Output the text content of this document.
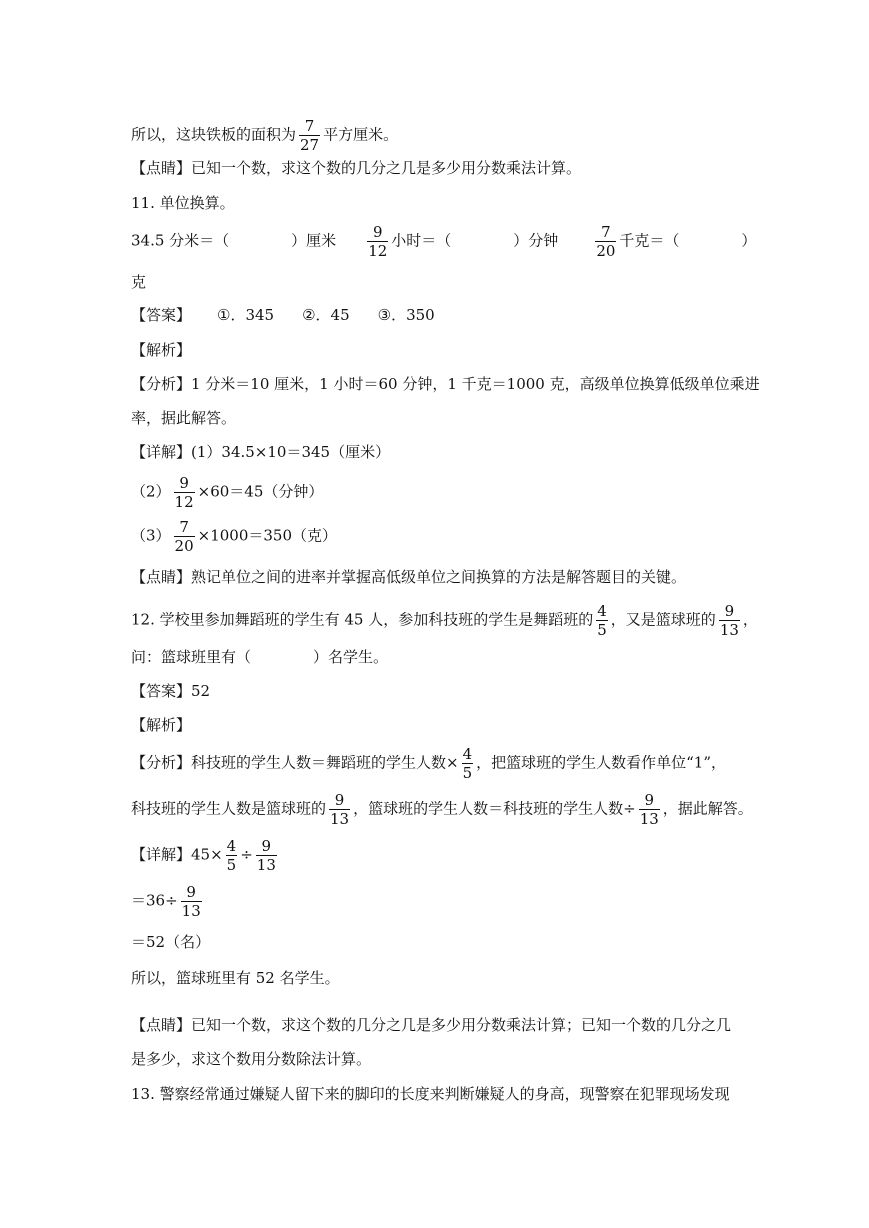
所以，这块铁板的面积为 $\frac{7}{27}$ 平方厘米。
【点睛】已知一个数，求这个数的几分之几是多少用分数乘法计算。
11. 单位换算。
34.5 分米＝（	）厘米 $\frac{9}{12}$ 小时＝（	）分钟 $\frac{7}{20}$ 千克＝（	）
克
【答案】 ①．345 ②．45 ③．350
【解析】
【分析】1 分米＝10 厘米，1 小时＝60 分钟，1 千克＝1000 克，高级单位换算低级单位乘进
率，据此解答。
【详解】(1）34.5×10＝345（厘米）
$(2) \frac{9}{12} \times 60=45$（分钟）
$(3) \frac{7}{20} \times 1000=350$（克）
【点睛】熟记单位之间的进率并掌握高低级单位之间换算的方法是解答题目的关键。
12. 学校里参加舞蹈班的学生有 45 人，参加科技班的学生是舞蹈班的 $\frac{4}{5}$ ，又是篮球班的 $\frac{9}{13}$ ，
问：篮球班里有（	）名学生。
【答案】52
【解析】
【分析】科技班的学生人数＝舞蹈班的学生人数× $\frac{4}{5}$ ，把篮球班的学生人数看作单位“1”，
科技班的学生人数是篮球班的 $\frac{9}{13}$ ，篮球班的学生人数＝科技班的学生人数÷ $\frac{9}{13}$ ，据此解答。
【详解】$45\times \frac{4}{5} \div \frac{9}{13}$
$=36\div \frac{9}{13}$
＝52（名）
所以，篮球班里有 52 名学生。
【点睛】已知一个数，求这个数的几分之几是多少用分数乘法计算；已知一个数的几分之几
是多少，求这个数用分数除法计算。
13. 警察经常通过嫌疑人留下来的脚印的长度来判断嫌疑人的身高，现警察在犯罪现场发现
